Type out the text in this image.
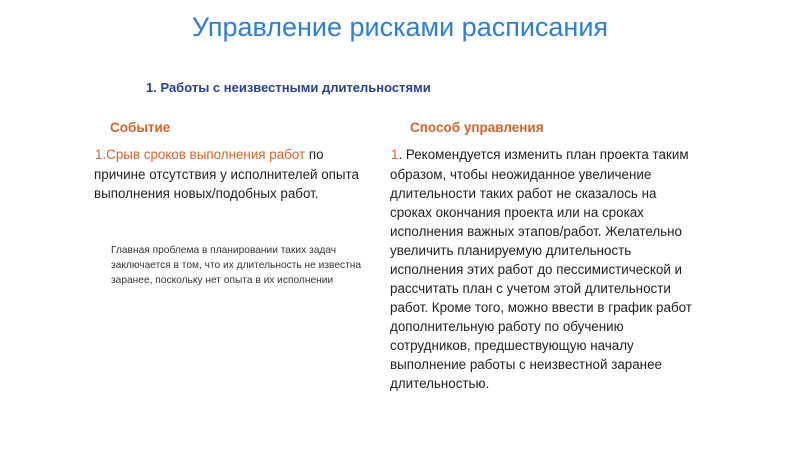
Управление рисками расписания
1. Работы с неизвестными длительностями
Событие	Способ управления

1.Срыв сроков выполнения работ по причине отсутствия у исполнителей опыта выполнения новых/подобных работ.

Главная проблема в планировании таких задач заключается в том, что их длительность не известна заранее, поскольку нет опыта в их исполнении

1. Рекомендуется изменить план проекта таким образом, чтобы неожиданное увеличение длительности таких работ не сказалось на сроках окончания проекта или на сроках исполнения важных этапов/работ. Желательно увеличить планируемую длительность исполнения этих работ до пессимистической и рассчитать план с учетом этой длительности работ. Кроме того, можно ввести в график работ дополнительную работу по обучению сотрудников, предшествующую началу выполнение работы с неизвестной заранее длительностью.
